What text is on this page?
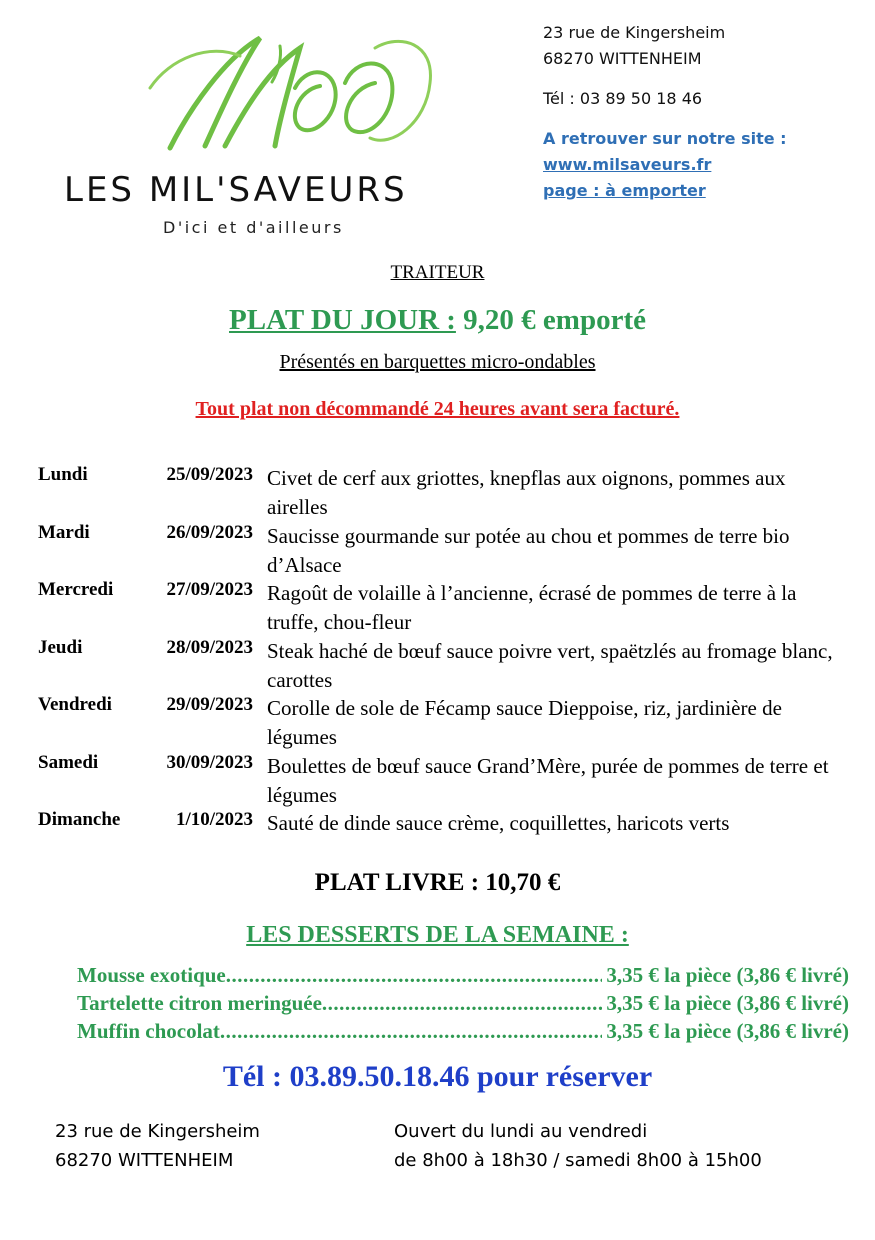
LES MIL'SAVEURS
D'ici et d'ailleurs
23 rue de Kingersheim
68270 WITTENHEIM
Tél : 03 89 50 18 46
A retrouver sur notre site :
www.milsaveurs.fr
page : à emporter
TRAITEUR
PLAT DU JOUR : 9,20 € emporté
Présentés en barquettes micro-ondables
Tout plat non décommandé 24 heures avant sera facturé.
Lundi	25/09/2023 Civet de cerf aux griottes, knepflas aux oignons, pommes aux airelles
Mardi	26/09/2023 Saucisse gourmande sur potée au chou et pommes de terre bio d’Alsace
Mercredi	27/09/2023 Ragoût de volaille à l’ancienne, écrasé de pommes de terre à la truffe, chou-fleur
Jeudi	28/09/2023 Steak haché de bœuf sauce poivre vert, spaëtzlés au fromage blanc, carottes
Vendredi	29/09/2023 Corolle de sole de Fécamp sauce Dieppoise, riz, jardinière de légumes
Samedi	30/09/2023 Boulettes de bœuf sauce Grand’Mère, purée de pommes de terre et légumes
Dimanche	1/10/2023 Sauté de dinde sauce crème, coquillettes, haricots verts
PLAT LIVRE : 10,70 €
LES DESSERTS DE LA SEMAINE :
Mousse exotique .....	3,35 € la pièce (3,86 € livré)
Tartelette citron meringuée .....	3,35 € la pièce (3,86 € livré)
Muffin chocolat .....	3,35 € la pièce (3,86 € livré)
Tél : 03.89.50.18.46 pour réserver
23 rue de Kingersheim
68270 WITTENHEIM
Ouvert du lundi au vendredi
de 8h00 à 18h30 / samedi 8h00 à 15h00
